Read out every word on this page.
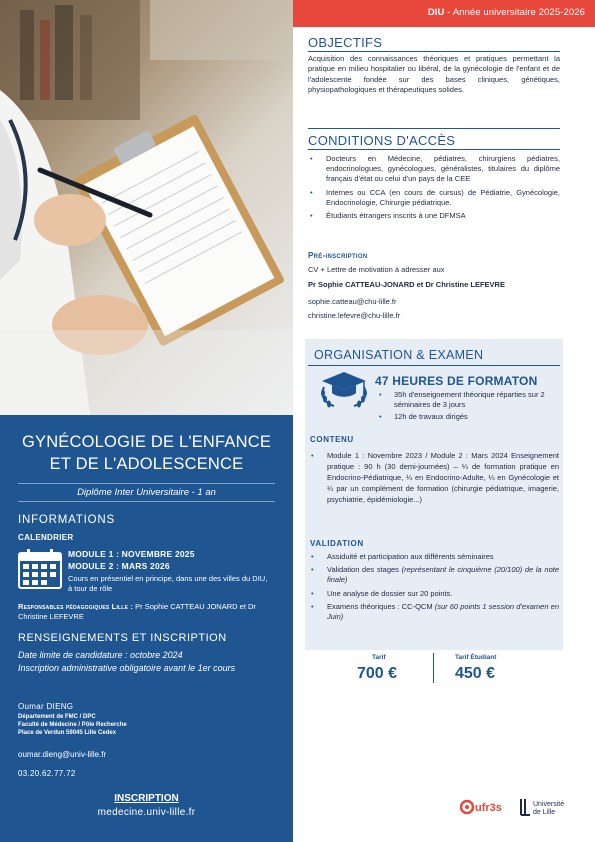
GYNÉCOLOGIE DE L'ENFANCE
ET DE L'ADOLESCENCE
Diplôme Inter Universitaire - 1 an
INFORMATIONS
CALENDRIER
MODULE 1 : NOVEMBRE 2025
MODULE 2 : MARS 2026
Cours en présentiel en principe, dans une des villes du DIU, à tour de rôle
Responsables pédagogiques Lille : Pr Sophie CATTEAU JONARD et Dr Christine LEFEVRE
RENSEIGNEMENTS ET INSCRIPTION
Date limite de candidature : octobre 2024
Inscription administrative obligatoire avant le 1er cours
Oumar DIENG
Département de FMC / DPC
Faculté de Médecine / Pôle Recherche
Place de Verdun 59045 Lille Cedex
oumar.dieng@univ-lille.fr
03.20.62.77.72
INSCRIPTION
medecine.univ-lille.fr
DIU - Année universitaire 2025-2026
OBJECTIFS
Acquisition des connaissances théoriques et pratiques permettant la pratique en milieu hospitalier ou libéral, de la gynécologie de l'enfant et de l'adolescente fondée sur des bases cliniques, génétiques, physiopathologiques et thérapeutiques solides.
CONDITIONS D'ACCÈS
• Docteurs en Médecine, pédiatres, chirurgiens pédiatres, endocrinologues, gynécologues, généralistes, titulaires du diplôme français d'état ou celui d'un pays de la CEE
• Internes ou CCA (en cours de cursus) de Pédiatrie, Gynécologie, Endocrinologie, Chirurgie pédiatrique.
• Étudiants étrangers inscrits à une DFMSA
Pré-inscription
CV + Lettre de motivation à adresser aux
Pr Sophie CATTEAU-JONARD et Dr Christine LEFEVRE
sophie.catteau@chu-lille.fr
christine.lefevre@chu-lille.fr
ORGANISATION & EXAMEN
47 HEURES DE FORMATON
• 35h d'enseignement théorique réparties sur 2 séminaires de 3 jours
• 12h de travaux dirigés
CONTENU
• Module 1 : Novembre 2023 / Module 2 : Mars 2024 Enseignement pratique : 90 h (30 demi-journées) – ¼ de formation pratique en Endocrino-Pédiatrique, ¼ en Endocrino-Adulte, ¼ en Gynécologie et ¼ par un complément de formation (chirurgie pédiatrique, imagerie, psychiatrie, épidémiologie...)
VALIDATION
• Assiduité et participation aux différents séminaires
• Validation des stages (représentant le cinquième (20/100) de la note finale)
• Une analyse de dossier sur 20 points.
• Examens théoriques : CC-QCM (sur 60 points 1 session d'examen en Juin)
Tarif
700 €
Tarif Étudiant
450 €
ufr3s	Université
de Lille
